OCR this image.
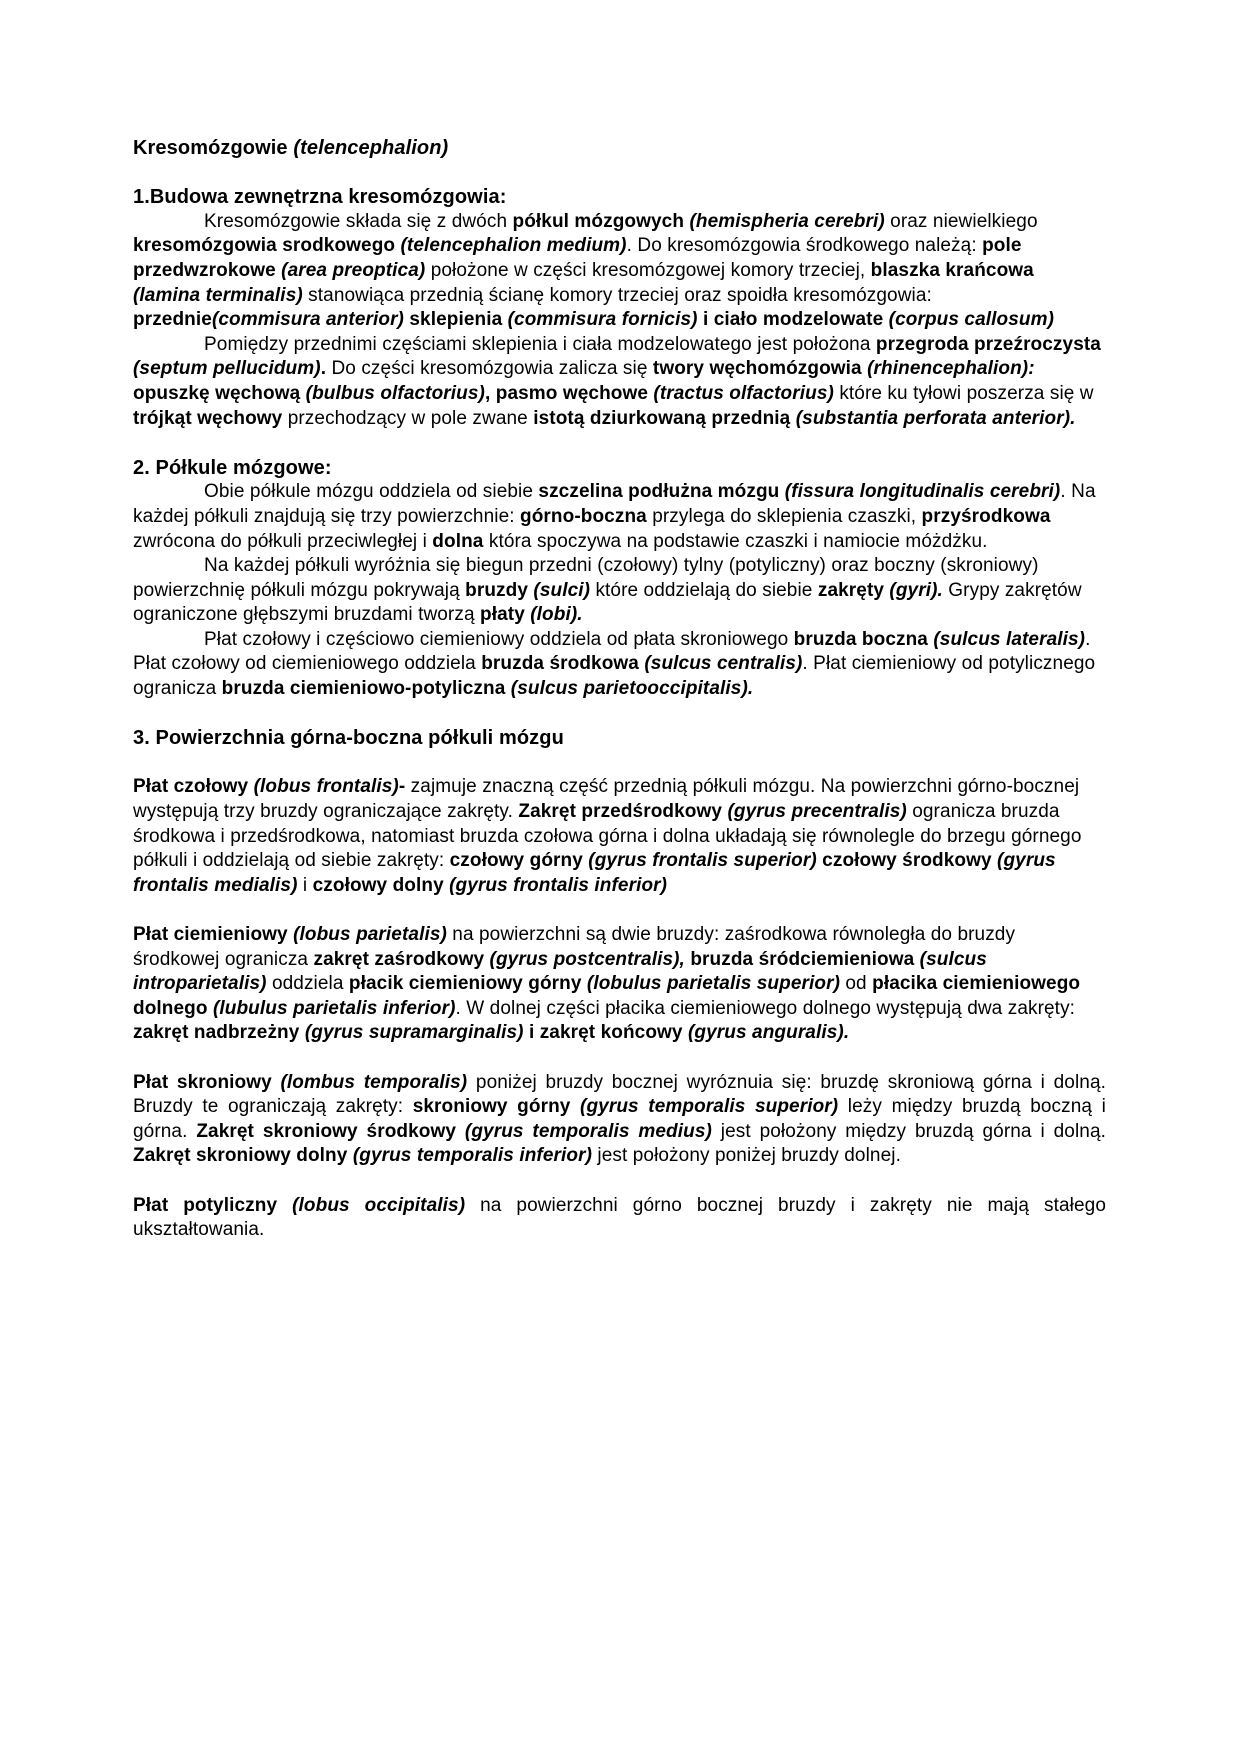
Kresomózgowie (telencephalion)

1.Budowa zewnętrzna kresomózgowia:

Kresomózgowie składa się z dwóch półkul mózgowych (hemispheria cerebri) oraz niewielkiego kresomózgowia srodkowego (telencephalion medium). Do kresomózgowia środkowego należą: pole przedwzrokowe (area preoptica) położone w części kresomózgowej komory trzeciej, blaszka krańcowa (lamina terminalis) stanowiąca przednią ścianę komory trzeciej oraz spoidła kresomózgowia: przednie(commisura anterior) sklepienia (commisura fornicis) i ciało modzelowate (corpus callosum)

Pomiędzy przednimi częściami sklepienia i ciała modzelowatego jest położona przegroda przeźroczysta (septum pellucidum). Do części kresomózgowia zalicza się twory węchomózgowia (rhinencephalion): opuszkę węchową (bulbus olfactorius), pasmo węchowe (tractus olfactorius) które ku tyłowi poszerza się w trójkąt węchowy przechodzący w pole zwane istotą dziurkowaną przednią (substantia perforata anterior).

2. Półkule mózgowe:

Obie półkule mózgu oddziela od siebie szczelina podłużna mózgu (fissura longitudinalis cerebri). Na każdej półkuli znajdują się trzy powierzchnie: górno-boczna przylega do sklepienia czaszki, przyśrodkowa zwrócona do półkuli przeciwległej i dolna która spoczywa na podstawie czaszki i namiocie móżdżku.

Na każdej półkuli wyróżnia się biegun przedni (czołowy) tylny (potyliczny) oraz boczny (skroniowy) powierzchnię półkuli mózgu pokrywają bruzdy (sulci) które oddzielają do siebie zakręty (gyri). Grypy zakrętów ograniczone głębszymi bruzdami tworzą płaty (lobi).

Płat czołowy i częściowo ciemieniowy oddziela od płata skroniowego bruzda boczna (sulcus lateralis). Płat czołowy od ciemieniowego oddziela bruzda środkowa (sulcus centralis). Płat ciemieniowy od potylicznego ogranicza bruzda ciemieniowo-potyliczna (sulcus parietooccipitalis).

3. Powierzchnia górna-boczna półkuli mózgu

Płat czołowy (lobus frontalis)- zajmuje znaczną część przednią półkuli mózgu. Na powierzchni górno-bocznej występują trzy bruzdy ograniczające zakręty. Zakręt przedśrodkowy (gyrus precentralis) ogranicza bruzda środkowa i przedśrodkowa, natomiast bruzda czołowa górna i dolna układają się równolegle do brzegu górnego półkuli i oddzielają od siebie zakręty: czołowy górny (gyrus frontalis superior) czołowy środkowy (gyrus frontalis medialis) i czołowy dolny (gyrus frontalis inferior)

Płat ciemieniowy (lobus parietalis) na powierzchni są dwie bruzdy: zaśrodkowa równoległa do bruzdy środkowej ogranicza zakręt zaśrodkowy (gyrus postcentralis), bruzda śródciemieniowa (sulcus introparietalis) oddziela płacik ciemieniowy górny (lobulus parietalis superior) od płacika ciemieniowego dolnego (lubulus parietalis inferior). W dolnej części płacika ciemieniowego dolnego występują dwa zakręty: zakręt nadbrzeżny (gyrus supramarginalis) i zakręt końcowy (gyrus anguralis).

Płat skroniowy (lombus temporalis) poniżej bruzdy bocznej wyróznuia się: bruzdę skroniową górna i dolną. Bruzdy te ograniczają zakręty: skroniowy górny (gyrus temporalis superior) leży między bruzdą boczną i górna. Zakręt skroniowy środkowy (gyrus temporalis medius) jest położony między bruzdą górna i dolną. Zakręt skroniowy dolny (gyrus temporalis inferior) jest położony poniżej bruzdy dolnej.

Płat potyliczny (lobus occipitalis) na powierzchni górno bocznej bruzdy i zakręty nie mają stałego ukształtowania.
